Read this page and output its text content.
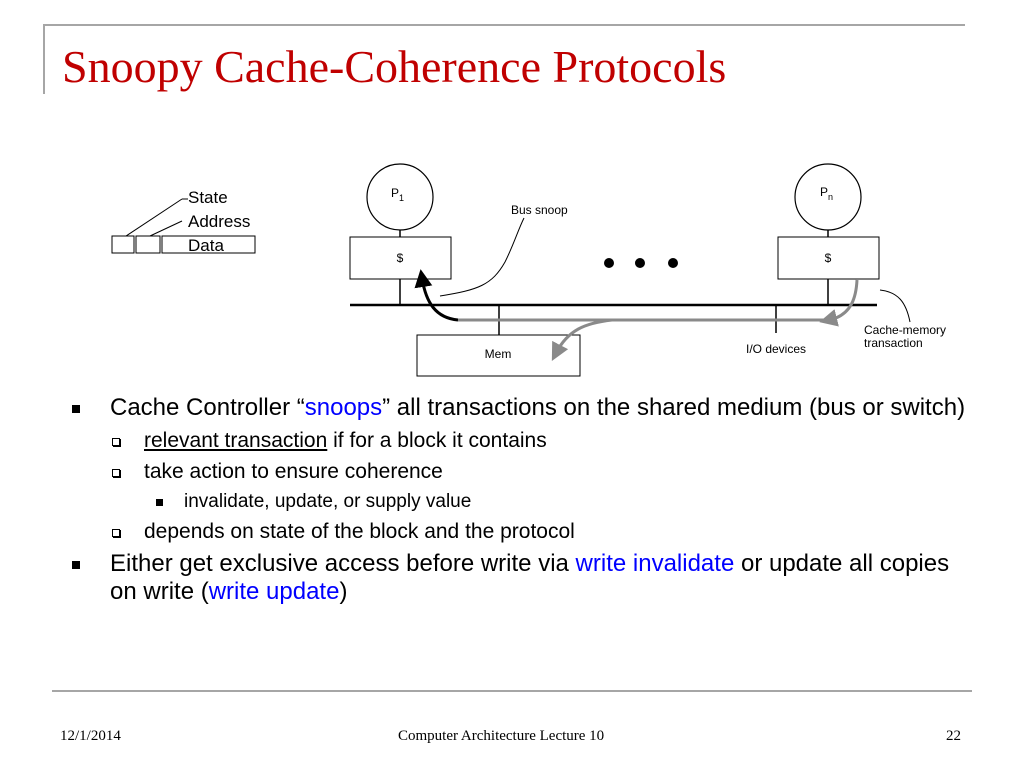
Snoopy Cache-Coherence Protocols
State
Address
Data
$P_1$	$P_n$
$	$
Mem	I/O devices
Bus snoop
Cache-memory
transaction

Cache Controller “snoops” all transactions on the shared medium (bus or switch)

relevant transaction if for a block it contains

take action to ensure coherence

invalidate, update, or supply value

depends on state of the block and the protocol

Either get exclusive access before write via write invalidate or update all copies on write (write update)

12/1/2014	Computer Architecture Lecture 10	22
